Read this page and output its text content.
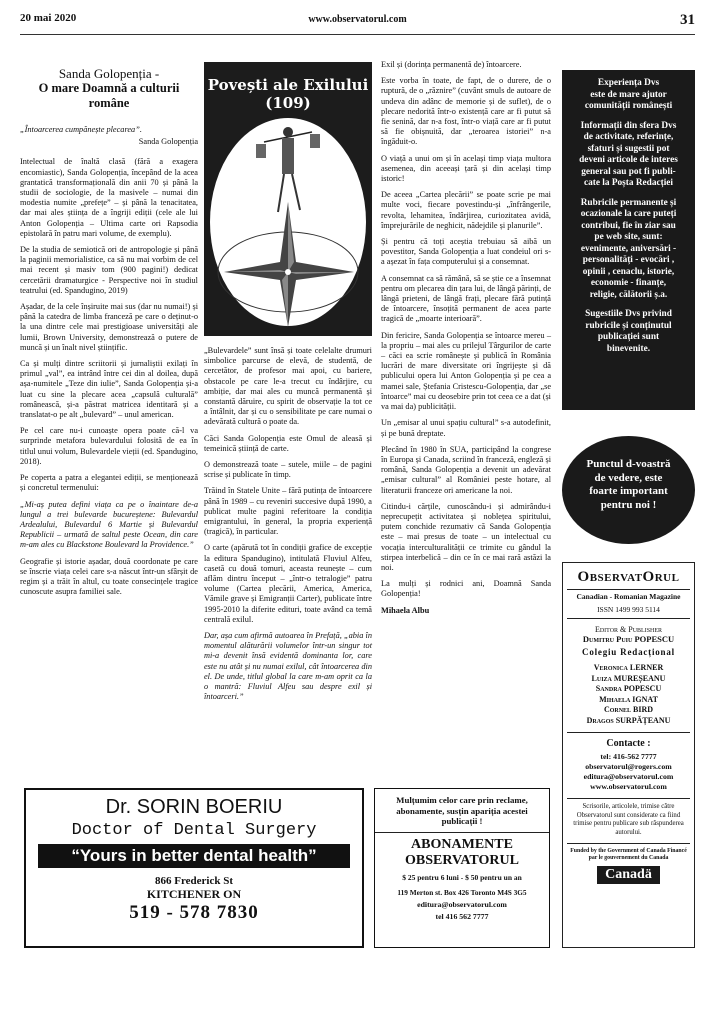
20 mai 2020	www.observatorul.com	31
Sanda Golopenția -
O mare Doamnă a culturii române

„Întoarcerea cumpănește plecarea”.

Sanda Golopenția

Intelectual de înaltă clasă (fără a exagera encomiastic), Sanda Golopenția, începând de la acea grantatică transformațională din anii 70 și până la studii de sociologie, de la masivele – numai din modestia numite „prefețe” – și până la tenacitatea, dar mai ales știința de a îngriji ediții (cele ale lui Anton Golopenția – Ultima carte ori Rapsodia epistolară în patru mari volume, de exemplu).

De la studia de semiotică ori de antropologie și până la paginii memorialistice, ca să nu mai vorbim de cel mai recent și masiv tom (900 pagini!) dedicat cercetării dramaturgice - Perspective noi în studiul teatrului (ed. Spandugino, 2019)

Așadar, de la cele înșiruite mai sus (dar nu numai!) și până la catedra de limba franceză pe care o deținut-o la una dintre cele mai prestigioase universități ale lumii, Brown University, demonstrează o putere de muncă și un înalt nivel științific.

Ca și mulți dintre scriitorii și jurnaliștii exilați în primul „val”, ea intrând între cei din al doilea, după așa-numitele „Teze din iulie”, Sanda Golopenția și-a luat cu sine la plecare acea „capsulă culturală” românească, și-a păstrat matricea identitară și a translatat-o pe alt „bulevard” – unul american.

Pe cel care nu-i cunoaște opera poate că-l va surprinde metafora bulevardului folosită de ea în titlul unui volum, Bulevardele vieții (ed. Spandugino, 2018).

Pe coperta a patra a elegantei ediții, se menționează și concretul termenului:

„Mi-aș putea defini viața ca pe o înaintare de-a lungul a trei bulevarde bucureștene: Bulevardul Ardealului, Bulevardul 6 Martie și Bulevardul Republicii – urmată de saltul peste Ocean, din care m-am ales cu Blackstone Boulevard la Providence.”

Geografie și istorie așadar, două coordonate pe care se înscrie viața celei care s-a născut într-un sfârșit de regim și a trăit în altul, cu toate consecințele tragice cunoscute asupra familiei sale.

Povești ale Exilului (109)

„Bulevardele” sunt însă și toate celelalte drumuri simbolice parcurse de elevă, de studentă, de cercetător, de profesor mai apoi, cu bariere, obstacole pe care le-a trecut cu îndârjire, cu ambiție, dar mai ales cu muncă permanentă și constantă dăruire, cu spirit de observație la tot ce a întâlnit, dar și cu o sensibilitate pe care numai o adevărată cultură o poate da.

Căci Sanda Golopenția este Omul de aleasă și temeinică știință de carte.

O demonstrează toate – sutele, miile – de pagini scrise și publicate în timp.

Trăind în Statele Unite – fără putința de întoarcere până în 1989 – cu reveniri succesive după 1990, a publicat multe pagini referitoare la condiția emigrantului, în general, la propria experiență (tragică), în particular.

O carte (apărută tot în condiții grafice de excepție la editura Spandugino), intitulată Fluviul Alfeu, casetă cu două tomuri, aceasta reunește – cum aflăm dintru început – „într-o tetralogie” patru volume (Cartea plecării, America, America, Vămile grave și Emigranții Carter), publicate între 1995-2010 la diferite edituri, toate având ca temă centrală exilul.

Dar, așa cum afirmă autoarea în Prefață, „abia în momentul alăturării volumelor într-un singur tot mi-a devenit însă evidentă dominanta lor, care este nu atât și nu numai exilul, cât întoarcerea din el. De unde, titlul global la care m-am oprit ca la o mantră: Fluviul Alfeu sau despre exil și întoarceri.”

Exil și (dorința permanentă de) întoarcere.

Este vorba în toate, de fapt, de o durere, de o ruptură, de o „răznire” (cuvânt smuls de autoare de undeva din adânc de memorie și de suflet), de o plecare nedorită într-o existență care ar fi putut să fie senină, dar n-a fost, într-o viață care ar fi putut să fie obișnuită, dar „teroarea istoriei” n-a îngăduit-o.

O viață a unui om și în același timp viața multora asemenea, din aceeași țară și din același timp istoric!

De aceea „Cartea plecării” se poate scrie pe mai multe voci, fiecare povestindu-și „înfrângerile, revolta, lehamitea, îndârjirea, curiozitatea avidă, împrejurările de neghicit, nădejdile și planurile”.

Și pentru că toți aceștia trebuiau să aibă un povestitor, Sanda Golopenția a luat condeiul ori s-a așezat în fața computerului și a consemnat.

A consemnat ca să rămână, să se știe ce a însemnat pentru om plecarea din țara lui, de lângă părinți, de lângă prieteni, de lângă frați, plecare fără putință de întoarcere, însoțită permanent de acea parte tragică de „moarte interioară”.

Din fericire, Sanda Golopenția se întoarce mereu – la propriu – mai ales cu prilejul Târgurilor de carte – căci ea scrie românește și publică în România lucrări de mare diversitate ori îngrijește și dă publicului opera lui Anton Golopenția și pe cea a mamei sale, Ștefania Cristescu-Golopenția, dar „se întoarce” mai cu deosebire prin tot ceea ce a dat (și va mai da) publicității.

Un „emisar al unui spațiu cultural” s-a autodefinit, și pe bună dreptate.

Plecând în 1980 în SUA, participând la congrese în Europa și Canada, scriind în franceză, engleză și română, Sanda Golopenția a devenit un adevărat „emisar cultural” al României peste hotare, al literaturii franceze ori americane la noi.

Citindu-i cărțile, cunoscându-i și admirându-i neprecupețit activitatea și noblețea spiritului, putem conchide rezumativ că Sanda Golopenția este – mai presus de toate – un intelectual cu vocația interculturalității ce trimite cu gândul la stirpea interbelică – din ce în ce mai rară astăzi la noi.

La mulți și rodnici ani, Doamnă Sanda Golopenția!

Mihaela Albu

Experiența Dvs
este de mare ajutor
comunității românești
Informații din sfera Dvs
de activitate, referințe,
sfaturi și sugestii pot
deveni articole de interes
general sau pot fi publi-
cate la Poșta Redacției
Rubricile permanente și
ocazionale la care puteți
contribui, fie în ziar sau
pe web site, sunt:
evenimente, aniversări -
personalități - evocări ,
opinii , cenaclu, istorie,
economie - finanțe,
religie, călătorii ș.a.
Sugestiile Dvs privind
rubricile și conținutul
publicației sunt
binevenite.
Punctul d-voastră
de vedere, este
foarte important
pentru noi !
ObservatOrul
Canadian - Romanian Magazine
ISSN 1499 993 5114
Editor & Publisher
Dumitru Puiu POPESCU
Colegiu Redacțional
Veronica LERNER
Luiza MUREȘEANU
Sandra POPESCU
Mihaela IGNAT
Cornel BIRD
Dragos SURPĂȚEANU
Contacte :
tel: 416-562 7777
observatorul@rogers.com
editura@observatorul.com
www.observatorul.com
Scrisorile, articolele, trimise către Observatorul sunt considerate ca fiind trimise pentru publicare sub răspunderea autorului.
Funded by the Government of Canada Financé par le gouvernement du Canada
Canadä
Dr. SORIN BOERIU
Doctor of Dental Surgery
“Yours in better dental health”
866 Frederick St
KITCHENER ON
519 - 578 7830
Mulțumim celor care prin reclame, abonamente, susțin apariția acestei publicații !
ABONAMENTE
OBSERVATORUL
$ 25 pentru 6 luni - $ 50 pentru un an
119 Merton st. Box 426 Toronto M4S 3G5
editura@observatorul.com
tel 416 562 7777
